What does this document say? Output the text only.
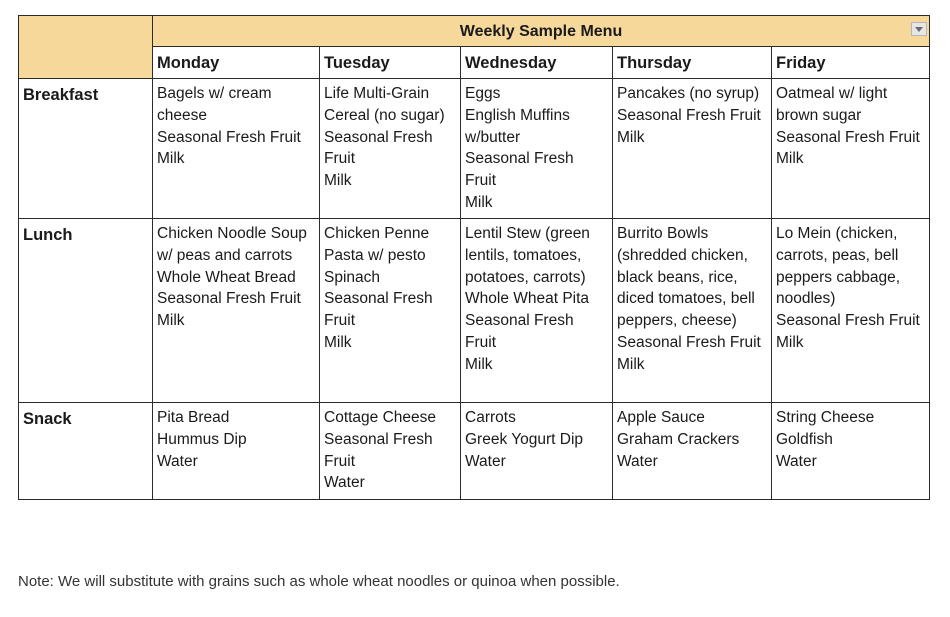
	Weekly Sample Menu				

	Monday	Tuesday	Wednesday	Thursday	Friday
Breakfast	Bagels w/ cream cheese
Seasonal Fresh Fruit
Milk	Life Multi-Grain Cereal (no sugar)
Seasonal Fresh Fruit
Milk	Eggs
English Muffins w/butter
Seasonal Fresh Fruit
Milk	Pancakes (no syrup)
Seasonal Fresh Fruit
Milk	Oatmeal w/ light brown sugar
Seasonal Fresh Fruit
Milk

Lunch	Chicken Noodle Soup w/ peas and carrots
Whole Wheat Bread
Seasonal Fresh Fruit
Milk	Chicken Penne Pasta w/ pesto
Spinach
Seasonal Fresh Fruit
Milk	Lentil Stew (green lentils, tomatoes, potatoes, carrots)
Whole Wheat Pita
Seasonal Fresh Fruit
Milk	Burrito Bowls (shredded chicken, black beans, rice, diced tomatoes, bell peppers, cheese)
Seasonal Fresh Fruit
Milk	Lo Mein (chicken, carrots, peas, bell peppers cabbage, noodles)
Seasonal Fresh Fruit
Milk

Snack	Pita Bread
Hummus Dip
Water	Cottage Cheese
Seasonal Fresh Fruit
Water	Carrots
Greek Yogurt Dip
Water	Apple Sauce
Graham Crackers
Water	String Cheese
Goldfish
Water
Note: We will substitute with grains such as whole wheat noodles or quinoa when possible.
